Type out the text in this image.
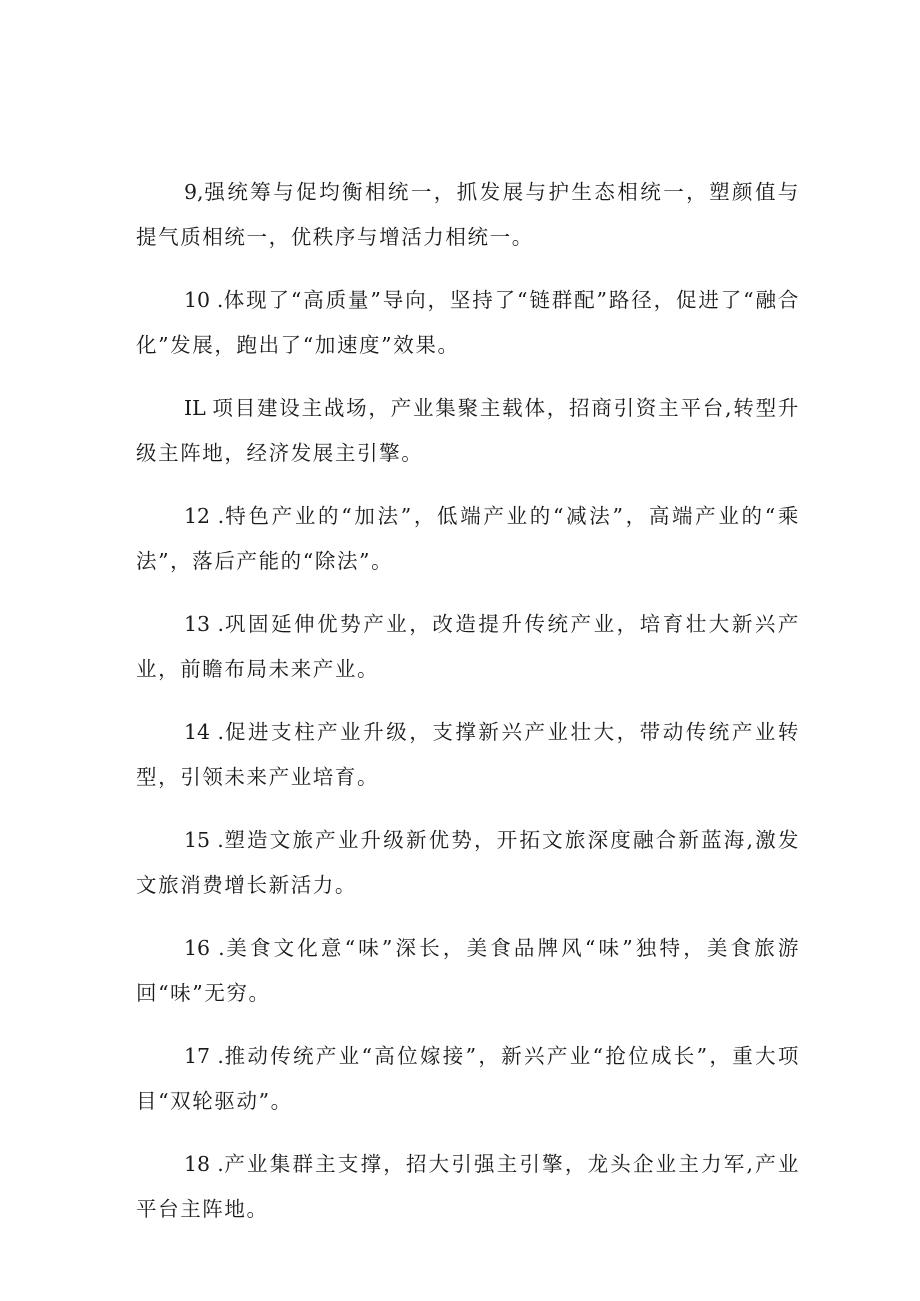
9,强统筹与促均衡相统一，抓发展与护生态相统一，塑颜值与提气质相统一，优秩序与增活力相统一。

10 .体现了“高质量”导向，坚持了“链群配”路径，促进了“融合化”发展，跑出了“加速度”效果。

IL 项目建设主战场，产业集聚主载体，招商引资主平台,转型升级主阵地，经济发展主引擎。

12 .特色产业的“加法”，低端产业的“减法”，高端产业的“乘法”，落后产能的“除法”。

13 .巩固延伸优势产业，改造提升传统产业，培育壮大新兴产业，前瞻布局未来产业。

14 .促进支柱产业升级，支撑新兴产业壮大，带动传统产业转型，引领未来产业培育。

15 .塑造文旅产业升级新优势，开拓文旅深度融合新蓝海,激发文旅消费增长新活力。

16 .美食文化意“味”深长，美食品牌风“味”独特，美食旅游回“味”无穷。

17 .推动传统产业“高位嫁接”，新兴产业“抢位成长”，重大项目“双轮驱动”。

18 .产业集群主支撑，招大引强主引擎，龙头企业主力军,产业平台主阵地。
